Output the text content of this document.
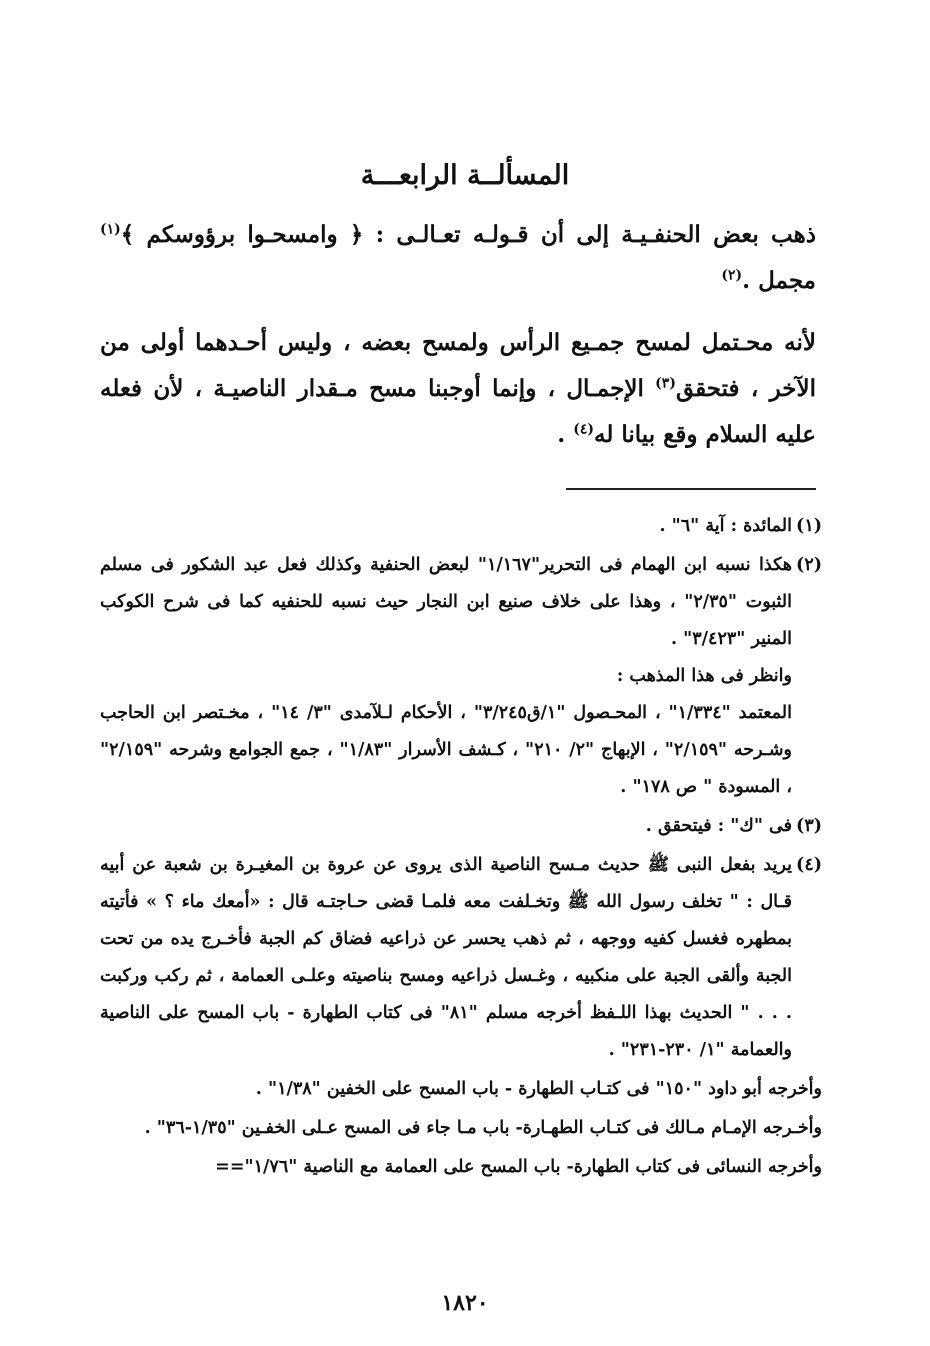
المسألــة الرابعـــة

ذهب بعض الحنفـيـة إلى أن قـولـه تعـالـى : ﴿ وامسحـوا برؤوسكم ﴾$^{(١)}$ مجمل .$^{(٢)}$

لأنه محـتمل لمسح جمـيع الرأس ولمسح بعضه ، وليس أحـدهما أولى من الآخر ، فتحقق$^{(٣)}$ الإجمـال ، وإنما أوجبنا مسح مـقدار الناصيـة ، لأن فعله عليه السلام وقع بيانا له$^{(٤)}$ .

(١)
المائدة : آية "٦" .
(٢)
هكذا نسبه ابن الهمام فى التحرير"١/١٦٧" لبعض الحنفية وكذلك فعل عبد الشكور فى مسلم الثبوت "٢/٣٥" ، وهذا على خلاف صنيع ابن النجار حيث نسبه للحنفيه كما فى شرح الكوكب المنير "٣/٤٢٣" .
وانظر فى هذا المذهب :
المعتمد "١/٣٣٤" ، المحـصول "١/ق٣/٢٤٥" ، الأحكام لـلآمدى "٣/ ١٤" ، مخـتصر ابن الحاجب وشـرحه "٢/١٥٩" ، الإبهاج "٢/ ٢١٠" ، كـشف الأسرار "١/٨٣" ، جمع الجوامع وشرحه "٢/١٥٩" ، المسودة " ص ١٧٨" .
(٣)
فى "ك" : فيتحقق .
(٤)
يريد بفعل النبى ﷺ حديث مـسح الناصية الذى يروى عن عروة بن المغيـرة بن شعبة عن أبيه قـال : " تخلف رسول الله ﷺ وتخـلفت معه فلمـا قضى حـاجتـه قال : «أمعك ماء ؟ » فأتيته بمطهره فغسل كفيه ووجهه ، ثم ذهب يحسر عن ذراعيه فضاق كم الجبة فأخـرج يده من تحت الجبة وألقى الجبة على منكبيه ، وغـسل ذراعيه ومسح بناصيته وعلـى العمامة ، ثم ركب وركبت . . . " الحديث بهذا اللـفظ أخرجه مسلم "٨١" فى كتاب الطهارة - باب المسح على الناصية والعمامة "١/ ٢٣٠-٢٣١" .
وأخرجه أبو داود "١٥٠" فى كتـاب الطهارة - باب المسح على الخفين "١/٣٨" .
وأخـرجه الإمـام مـالك فى كتـاب الطهـارة- باب مـا جاء فى المسح عـلى الخفـين "١/٣٥-٣٦" .
وأخرجه النسائى فى كتاب الطهارة- باب المسح على العمامة مع الناصية "١/٧٦"==
١٨٢٠
